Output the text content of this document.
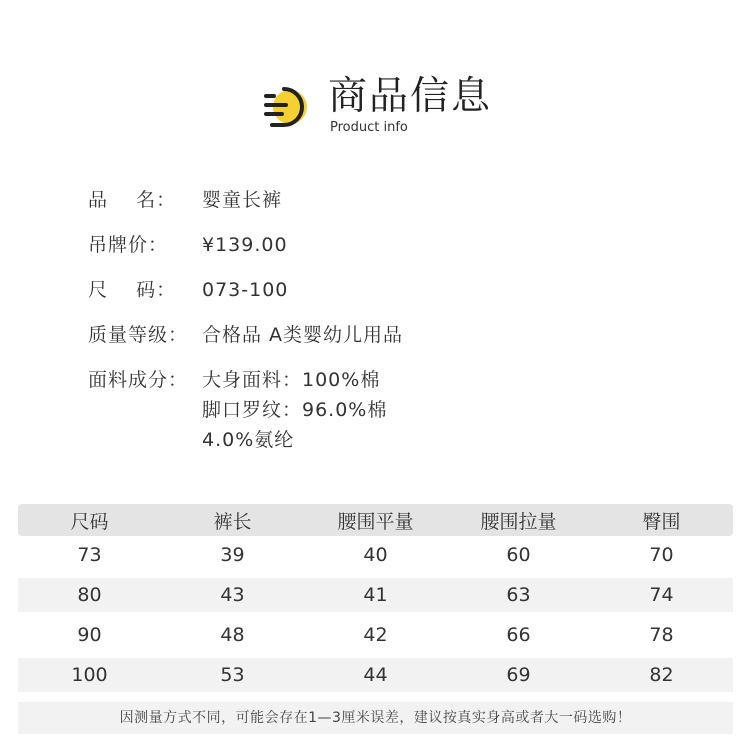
商品信息
Product info
品    名：	婴童长裤
吊牌价：	¥139.00
尺    码：	073-100
质量等级： 合格品 A类婴幼儿用品
面料成分： 大身面料：100%棉
脚口罗纹：96.0%棉
4.0%氨纶
尺码	裤长	腰围平量	腰围拉量	臀围
73	39	40	60	70
80	43	41	63	74
90	48	42	66	78
100	53	44	69	82
因测量方式不同，可能会存在1—3厘米误差，建议按真实身高或者大一码选购！
